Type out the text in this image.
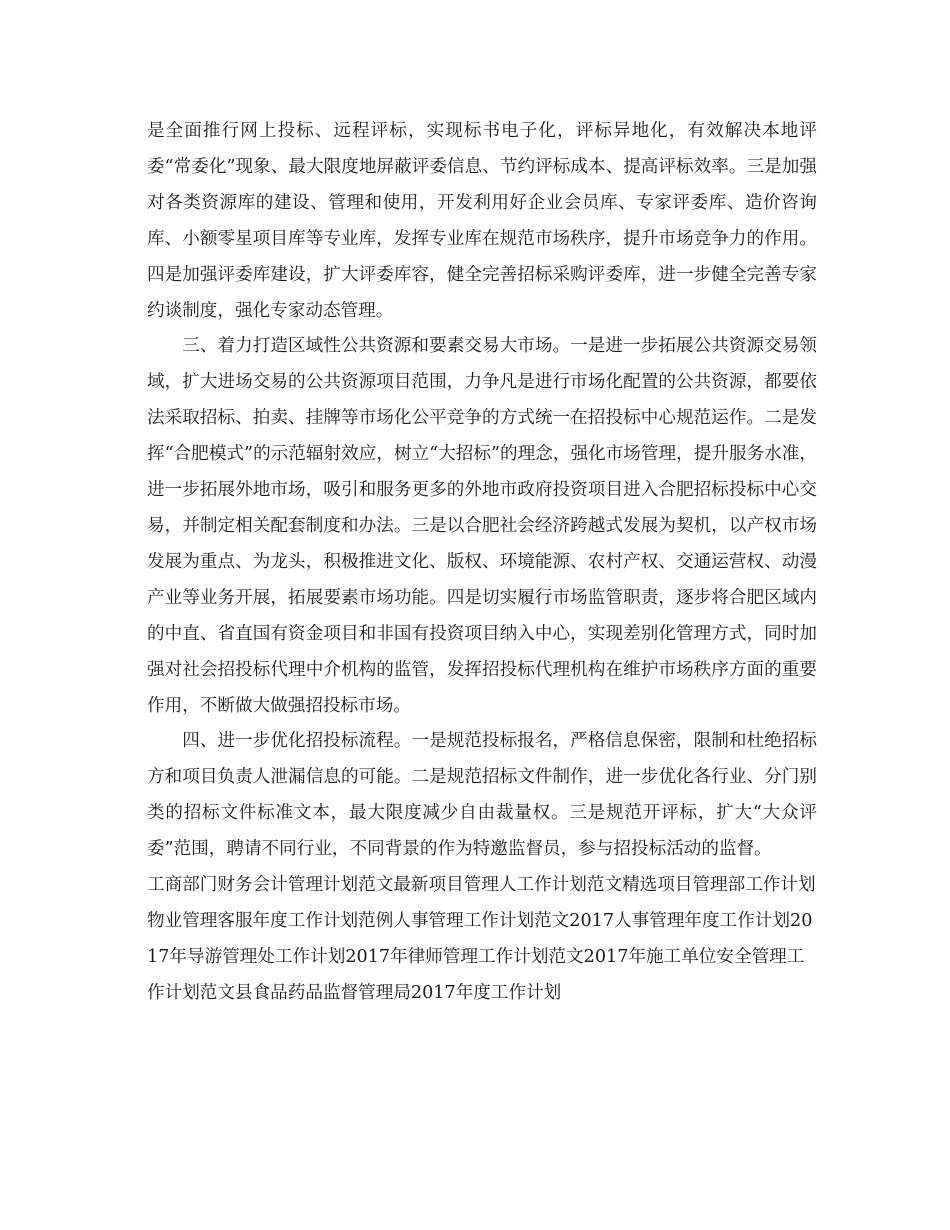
是全面推行网上投标、远程评标，实现标书电子化，评标异地化，有效解决本地评委“常委化”现象、最大限度地屏蔽评委信息、节约评标成本、提高评标效率。三是加强对各类资源库的建设、管理和使用，开发利用好企业会员库、专家评委库、造价咨询库、小额零星项目库等专业库，发挥专业库在规范市场秩序，提升市场竞争力的作用。四是加强评委库建设，扩大评委库容，健全完善招标采购评委库，进一步健全完善专家约谈制度，强化专家动态管理。

三、着力打造区域性公共资源和要素交易大市场。一是进一步拓展公共资源交易领域，扩大进场交易的公共资源项目范围，力争凡是进行市场化配置的公共资源，都要依法采取招标、拍卖、挂牌等市场化公平竞争的方式统一在招投标中心规范运作。二是发挥“合肥模式”的示范辐射效应，树立“大招标”的理念，强化市场管理，提升服务水准，进一步拓展外地市场，吸引和服务更多的外地市政府投资项目进入合肥招标投标中心交易，并制定相关配套制度和办法。三是以合肥社会经济跨越式发展为契机，以产权市场发展为重点、为龙头，积极推进文化、版权、环境能源、农村产权、交通运营权、动漫产业等业务开展，拓展要素市场功能。四是切实履行市场监管职责，逐步将合肥区域内的中直、省直国有资金项目和非国有投资项目纳入中心，实现差别化管理方式，同时加强对社会招投标代理中介机构的监管，发挥招投标代理机构在维护市场秩序方面的重要作用，不断做大做强招投标市场。

四、进一步优化招投标流程。一是规范投标报名，严格信息保密，限制和杜绝招标方和项目负责人泄漏信息的可能。二是规范招标文件制作，进一步优化各行业、分门别类的招标文件标准文本，最大限度减少自由裁量权。三是规范开评标，扩大“大众评委”范围，聘请不同行业，不同背景的作为特邀监督员，参与招投标活动的监督。

工商部门财务会计管理计划范文最新项目管理人工作计划范文精选项目管理部工作计划物业管理客服年度工作计划范例人事管理工作计划范文2017人事管理年度工作计划2017年导游管理处工作计划2017年律师管理工作计划范文2017年施工单位安全管理工作计划范文县食品药品监督管理局2017年度工作计划
